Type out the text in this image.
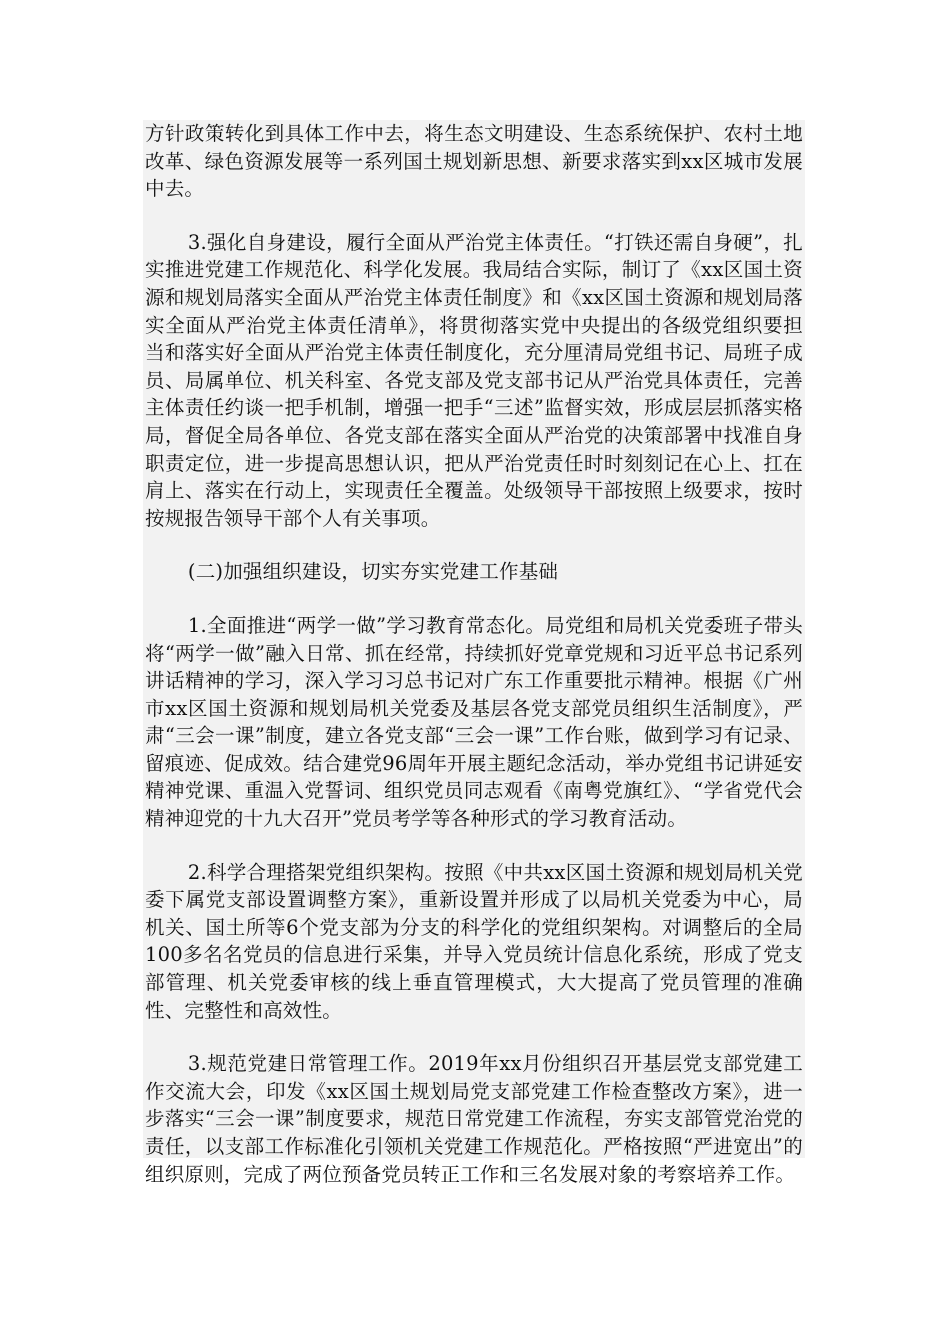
方针政策转化到具体工作中去，将生态文明建设、生态系统保护、农村土地改革、绿色资源发展等一系列国土规划新思想、新要求落实到xx区城市发展中去。

3.强化自身建设，履行全面从严治党主体责任。“打铁还需自身硬”，扎实推进党建工作规范化、科学化发展。我局结合实际，制订了《xx区国土资源和规划局落实全面从严治党主体责任制度》和《xx区国土资源和规划局落实全面从严治党主体责任清单》，将贯彻落实党中央提出的各级党组织要担当和落实好全面从严治党主体责任制度化，充分厘清局党组书记、局班子成员、局属单位、机关科室、各党支部及党支部书记从严治党具体责任，完善主体责任约谈一把手机制，增强一把手“三述”监督实效，形成层层抓落实格局，督促全局各单位、各党支部在落实全面从严治党的决策部署中找准自身职责定位，进一步提高思想认识，把从严治党责任时时刻刻记在心上、扛在肩上、落实在行动上，实现责任全覆盖。处级领导干部按照上级要求，按时按规报告领导干部个人有关事项。

(二)加强组织建设，切实夯实党建工作基础

1.全面推进“两学一做”学习教育常态化。局党组和局机关党委班子带头将“两学一做”融入日常、抓在经常，持续抓好党章党规和习近平总书记系列讲话精神的学习，深入学习习总书记对广东工作重要批示精神。根据《广州市xx区国土资源和规划局机关党委及基层各党支部党员组织生活制度》，严肃“三会一课”制度，建立各党支部“三会一课”工作台账，做到学习有记录、留痕迹、促成效。结合建党96周年开展主题纪念活动，举办党组书记讲延安精神党课、重温入党誓词、组织党员同志观看《南粤党旗红》、“学省党代会精神迎党的十九大召开”党员考学等各种形式的学习教育活动。

2.科学合理搭架党组织架构。按照《中共xx区国土资源和规划局机关党委下属党支部设置调整方案》，重新设置并形成了以局机关党委为中心，局机关、国土所等6个党支部为分支的科学化的党组织架构。对调整后的全局100多名名党员的信息进行采集，并导入党员统计信息化系统，形成了党支部管理、机关党委审核的线上垂直管理模式，大大提高了党员管理的准确性、完整性和高效性。

3.规范党建日常管理工作。2019年xx月份组织召开基层党支部党建工作交流大会，印发《xx区国土规划局党支部党建工作检查整改方案》，进一步落实“三会一课”制度要求，规范日常党建工作流程，夯实支部管党治党的责任，以支部工作标准化引领机关党建工作规范化。严格按照“严进宽出”的组织原则，完成了两位预备党员转正工作和三名发展对象的考察培养工作。
